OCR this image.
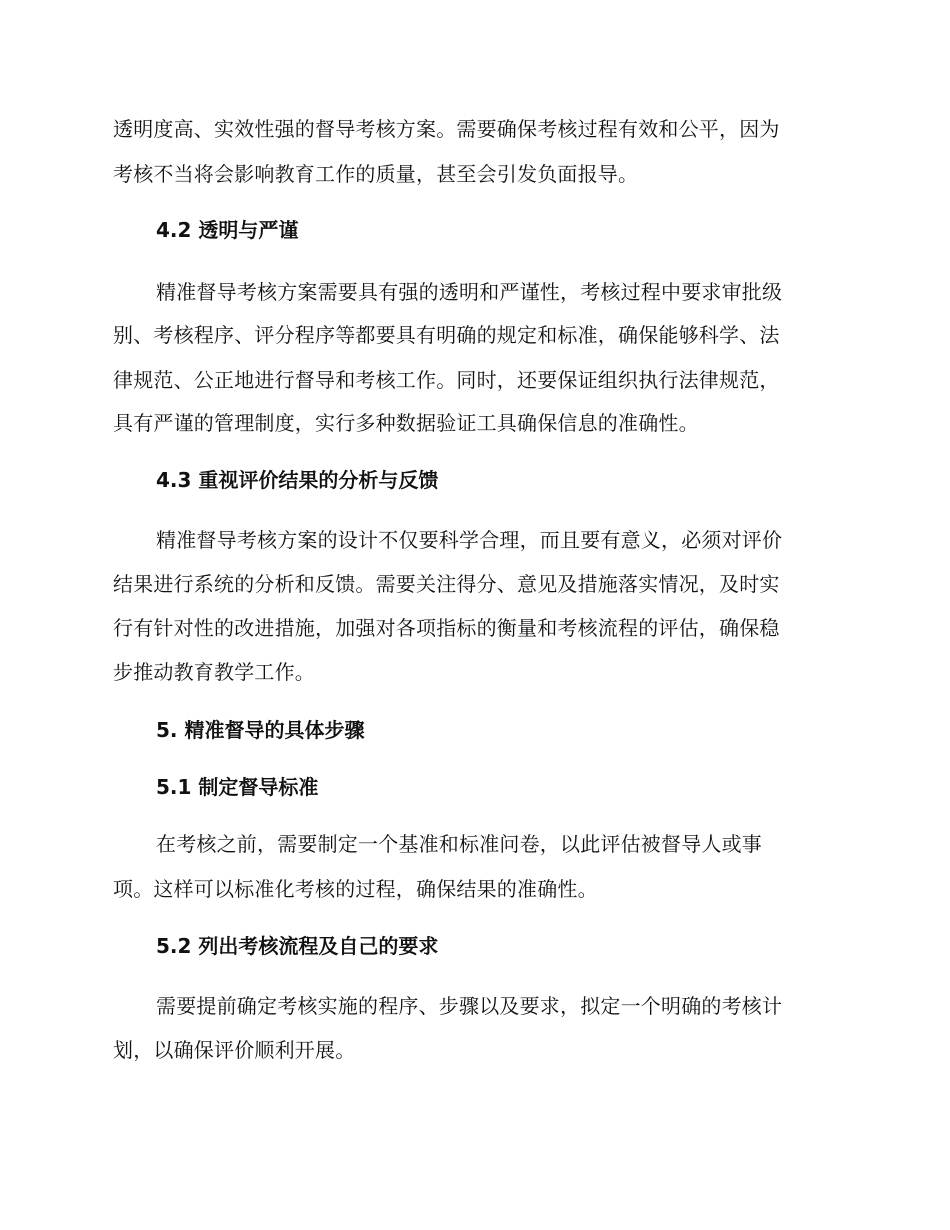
透明度高、实效性强的督导考核方案。需要确保考核过程有效和公平，因为
考核不当将会影响教育工作的质量，甚至会引发负面报导。
4.2 透明与严谨
精准督导考核方案需要具有强的透明和严谨性，考核过程中要求审批级
别、考核程序、评分程序等都要具有明确的规定和标准，确保能够科学、法
律规范、公正地进行督导和考核工作。同时，还要保证组织执行法律规范，
具有严谨的管理制度，实行多种数据验证工具确保信息的准确性。
4.3 重视评价结果的分析与反馈
精准督导考核方案的设计不仅要科学合理，而且要有意义，必须对评价
结果进行系统的分析和反馈。需要关注得分、意见及措施落实情况，及时实
行有针对性的改进措施，加强对各项指标的衡量和考核流程的评估，确保稳
步推动教育教学工作。
5. 精准督导的具体步骤
5.1 制定督导标准
在考核之前，需要制定一个基准和标准问卷，以此评估被督导人或事
项。这样可以标准化考核的过程，确保结果的准确性。
5.2 列出考核流程及自己的要求
需要提前确定考核实施的程序、步骤以及要求，拟定一个明确的考核计
划，以确保评价顺利开展。
